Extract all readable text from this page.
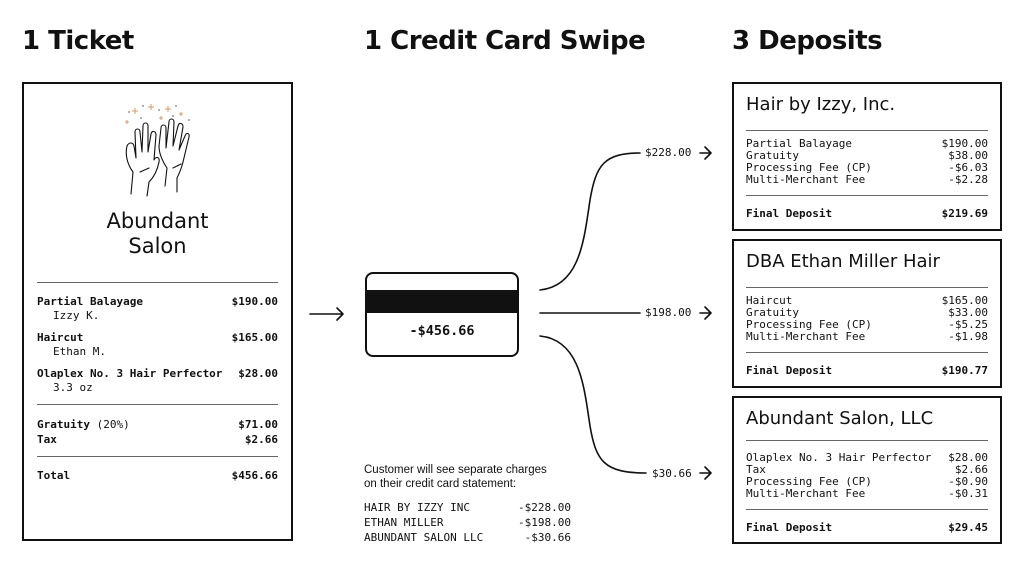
1 Ticket	1 Credit Card Swipe	3 Deposits
Abundant
Salon
Partial Balayage	$190.00
Izzy K.
Haircut	$165.00
Ethan M.
Olaplex No. 3 Hair Perfector $28.00
3.3 oz
Gratuity (20%)	$71.00
Tax	$2.66
Total	$456.66
$228.00
$198.00
$30.66
-$456.66
Customer will see separate charges
on their credit card statement:
HAIR BY IZZY INC	-$228.00
ETHAN MILLER	-$198.00
ABUNDANT SALON LLC	-$30.66
Hair by Izzy, Inc.
Partial Balayage	$190.00
Gratuity	$38.00
Processing Fee (CP)	-$6.03
Multi-Merchant Fee	-$2.28
Final Deposit	$219.69
DBA Ethan Miller Hair
Haircut	$165.00
Gratuity	$33.00
Processing Fee (CP)	-$5.25
Multi-Merchant Fee	-$1.98
Final Deposit	$190.77
Abundant Salon, LLC
Olaplex No. 3 Hair Perfector $28.00
Tax	$2.66
Processing Fee (CP)	-$0.90
Multi-Merchant Fee	-$0.31
Final Deposit	$29.45
